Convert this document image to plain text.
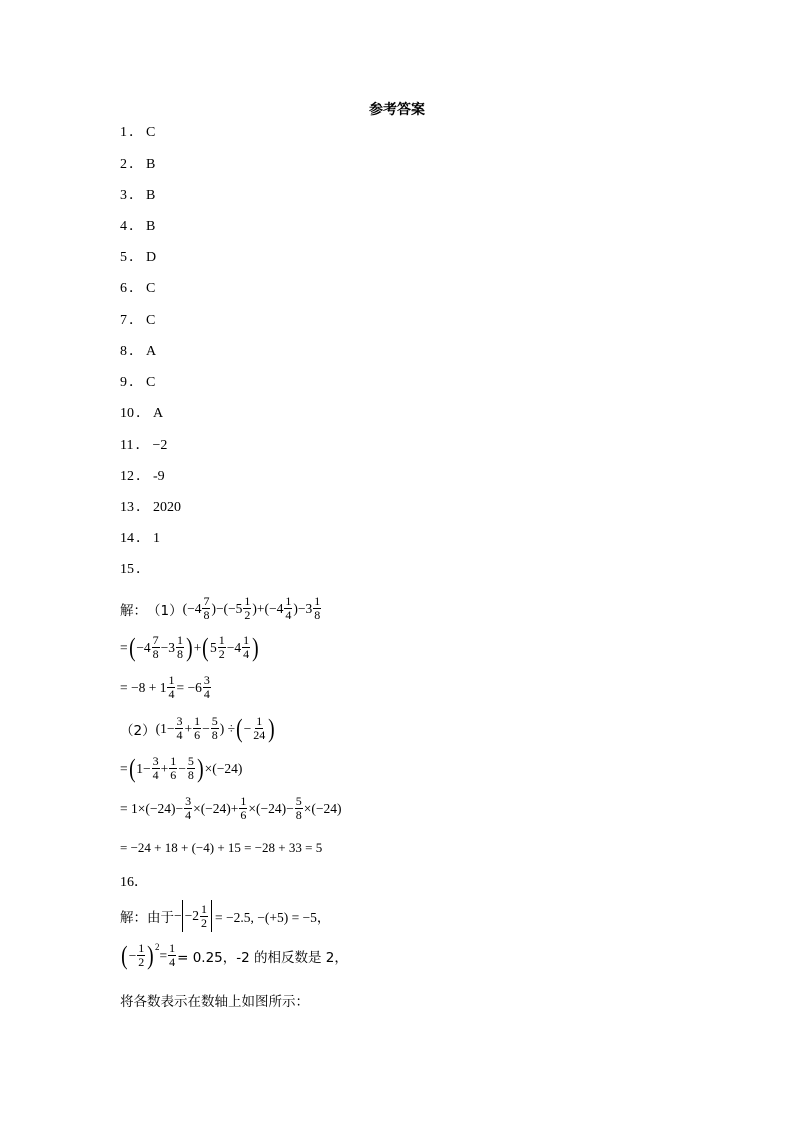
参考答案
1 ． C
2 ． B
3 ． B
4 ． B
5 ． D
6 ． C
7 ． C
8 ． A
9 ． C
10 ． A
11 ． −2
12 ． -9
13 ． 2020
14 ． 1
15 ．
解： （1） (−4 7
8 )−(−5 1
2 )+(−4 1
4 )−3 1
8
= ( −4 7
8 −3 1
8 ) + ( 5 1
2 −4 1
4 )
= $-8 + 1 \frac{1}{4} = -6$ 3
4
（2） ($1- \frac{3}{4} + \frac{1}{6} - \frac{5}{8}$ ) ÷ ( − $\frac{1}{24}$ )
= ( $1- \frac{3}{4} + \frac{1}{6} - \frac{5}{8}$ ) ×(−24)
= $1\times(-24)- \frac{3}{4} \times(-24)+ \frac{1}{6} \times(-24)- \frac{5}{8} \times(-24)$
= −24 + 18 + (−4) + 15 = −28 + 33 = 5
16．
解：由于 − −2 1
2 = −2.5, −(+5) = −5，
( − $\frac{1}{2} )^2$
= $\frac{1}{4} = 0.25$，-2 的相反数是 2，
将各数表示在数轴上如图所示：
